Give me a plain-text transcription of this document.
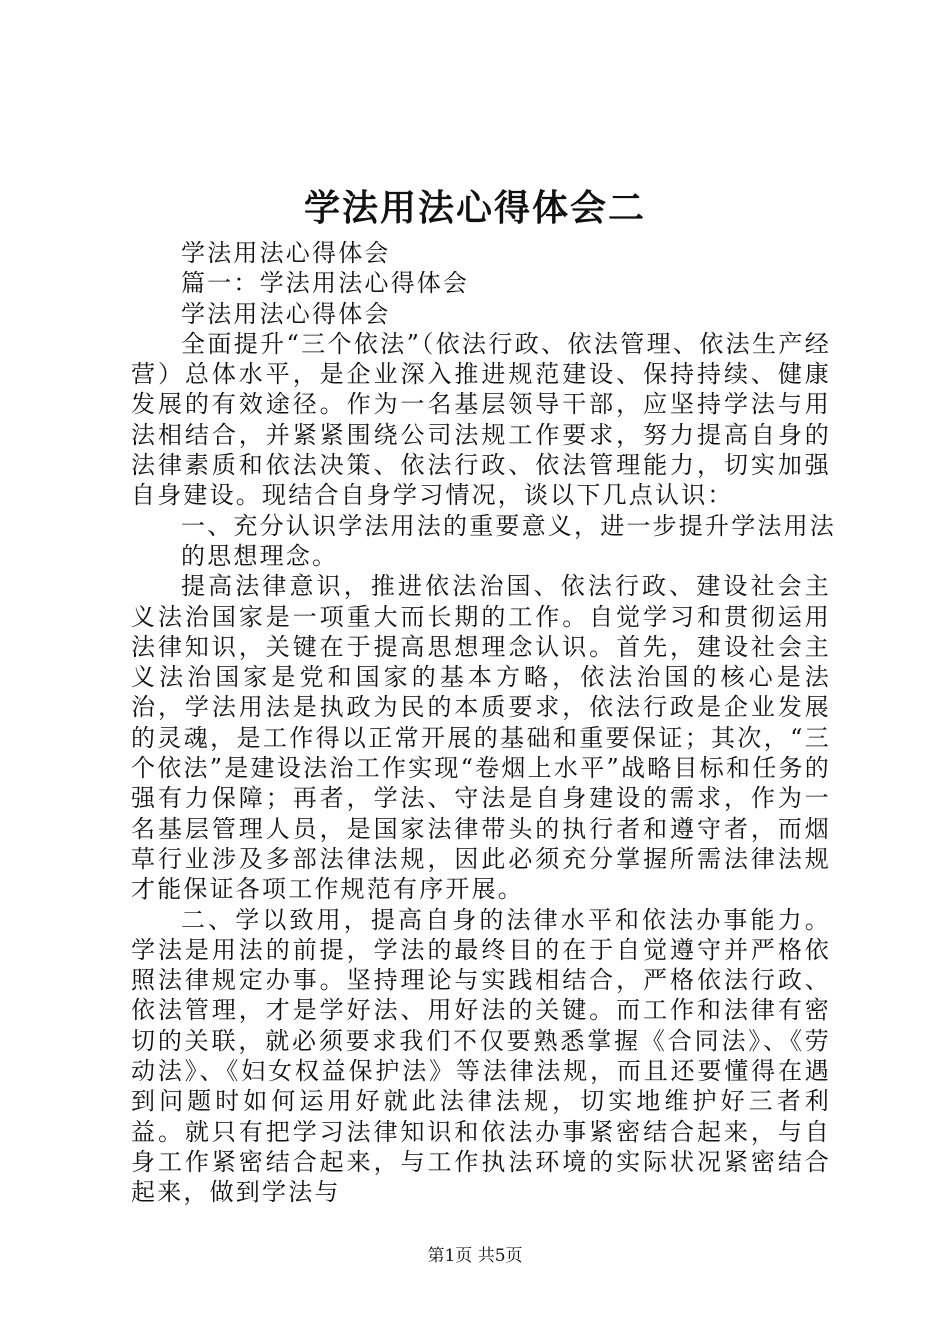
学法用法心得体会二
学法用法心得体会
篇一：学法用法心得体会
学法用法心得体会

全面提升“三个依法”（依法行政、依法管理、依法生产经营）总体水平，是企业深入推进规范建设、保持持续、健康发展的有效途径。作为一名基层领导干部，应坚持学法与用法相结合，并紧紧围绕公司法规工作要求，努力提高自身的法律素质和依法决策、依法行政、依法管理能力，切实加强自身建设。现结合自身学习情况，谈以下几点认识：

一、充分认识学法用法的重要意义，进一步提升学法用法
的思想理念。

提高法律意识，推进依法治国、依法行政、建设社会主义法治国家是一项重大而长期的工作。自觉学习和贯彻运用法律知识，关键在于提高思想理念认识。首先，建设社会主义法治国家是党和国家的基本方略，依法治国的核心是法治，学法用法是执政为民的本质要求，依法行政是企业发展的灵魂，是工作得以正常开展的基础和重要保证；其次，“三个依法”是建设法治工作实现“卷烟上水平”战略目标和任务的强有力保障；再者，学法、守法是自身建设的需求，作为一名基层管理人员，是国家法律带头的执行者和遵守者，而烟草行业涉及多部法律法规，因此必须充分掌握所需法律法规才能保证各项工作规范有序开展。

二、学以致用，提高自身的法律水平和依法办事能力。学法是用法的前提，学法的最终目的在于自觉遵守并严格依照法律规定办事。坚持理论与实践相结合，严格依法行政、依法管理，才是学好法、用好法的关键。而工作和法律有密切的关联，就必须要求我们不仅要熟悉掌握《合同法》、《劳动法》、《妇女权益保护法》等法律法规，而且还要懂得在遇到问题时如何运用好就此法律法规，切实地维护好三者利益。就只有把学习法律知识和依法办事紧密结合起来，与自身工作紧密结合起来，与工作执法环境的实际状况紧密结合起来，做到学法与

第1页 共5页
